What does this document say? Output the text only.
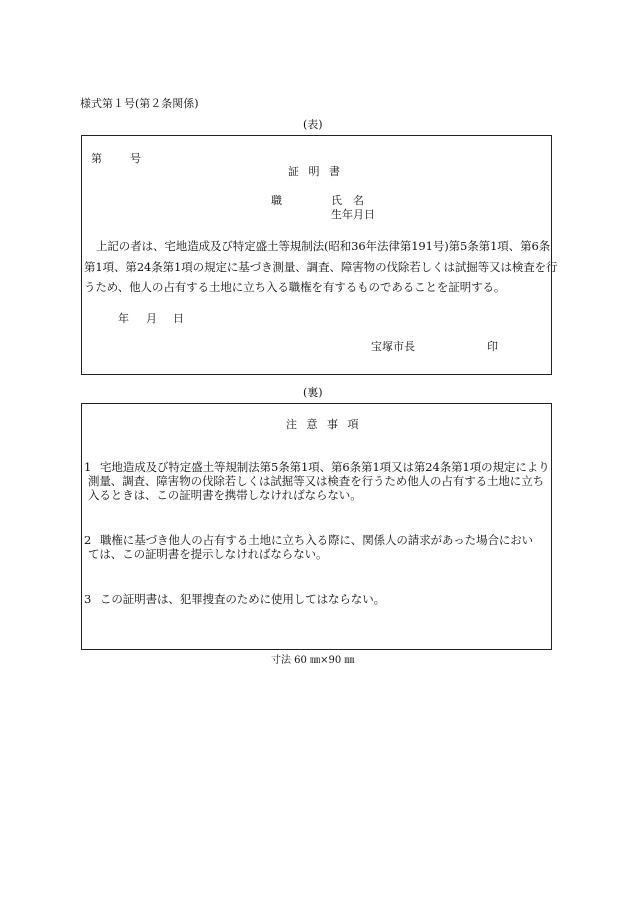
様式第１号(第２条関係)
(表)
第	号
証 明 書
職	氏　名
生年月日
上記の者は、宅地造成及び特定盛土等規制法(昭和36年法律第191号)第5条第1項、第6条
第1項、第24条第1項の規定に基づき測量、調査、障害物の伐除若しくは試掘等又は検査を行
うため、他人の占有する土地に立ち入る職権を有するものであることを証明する。
年 月 日
宝塚市長	印
(裏)
注 意 事 項
1 宅地造成及び特定盛土等規制法第5条第1項、第6条第1項又は第24条第1項の規定により
測量、調査、障害物の伐除若しくは試掘等又は検査を行うため他人の占有する土地に立ち
入るときは、この証明書を携帯しなければならない。
2 職権に基づき他人の占有する土地に立ち入る際に、関係人の請求があった場合におい
ては、この証明書を提示しなければならない。
3 この証明書は、犯罪捜査のために使用してはならない。
寸法 60 ㎜×90 ㎜
